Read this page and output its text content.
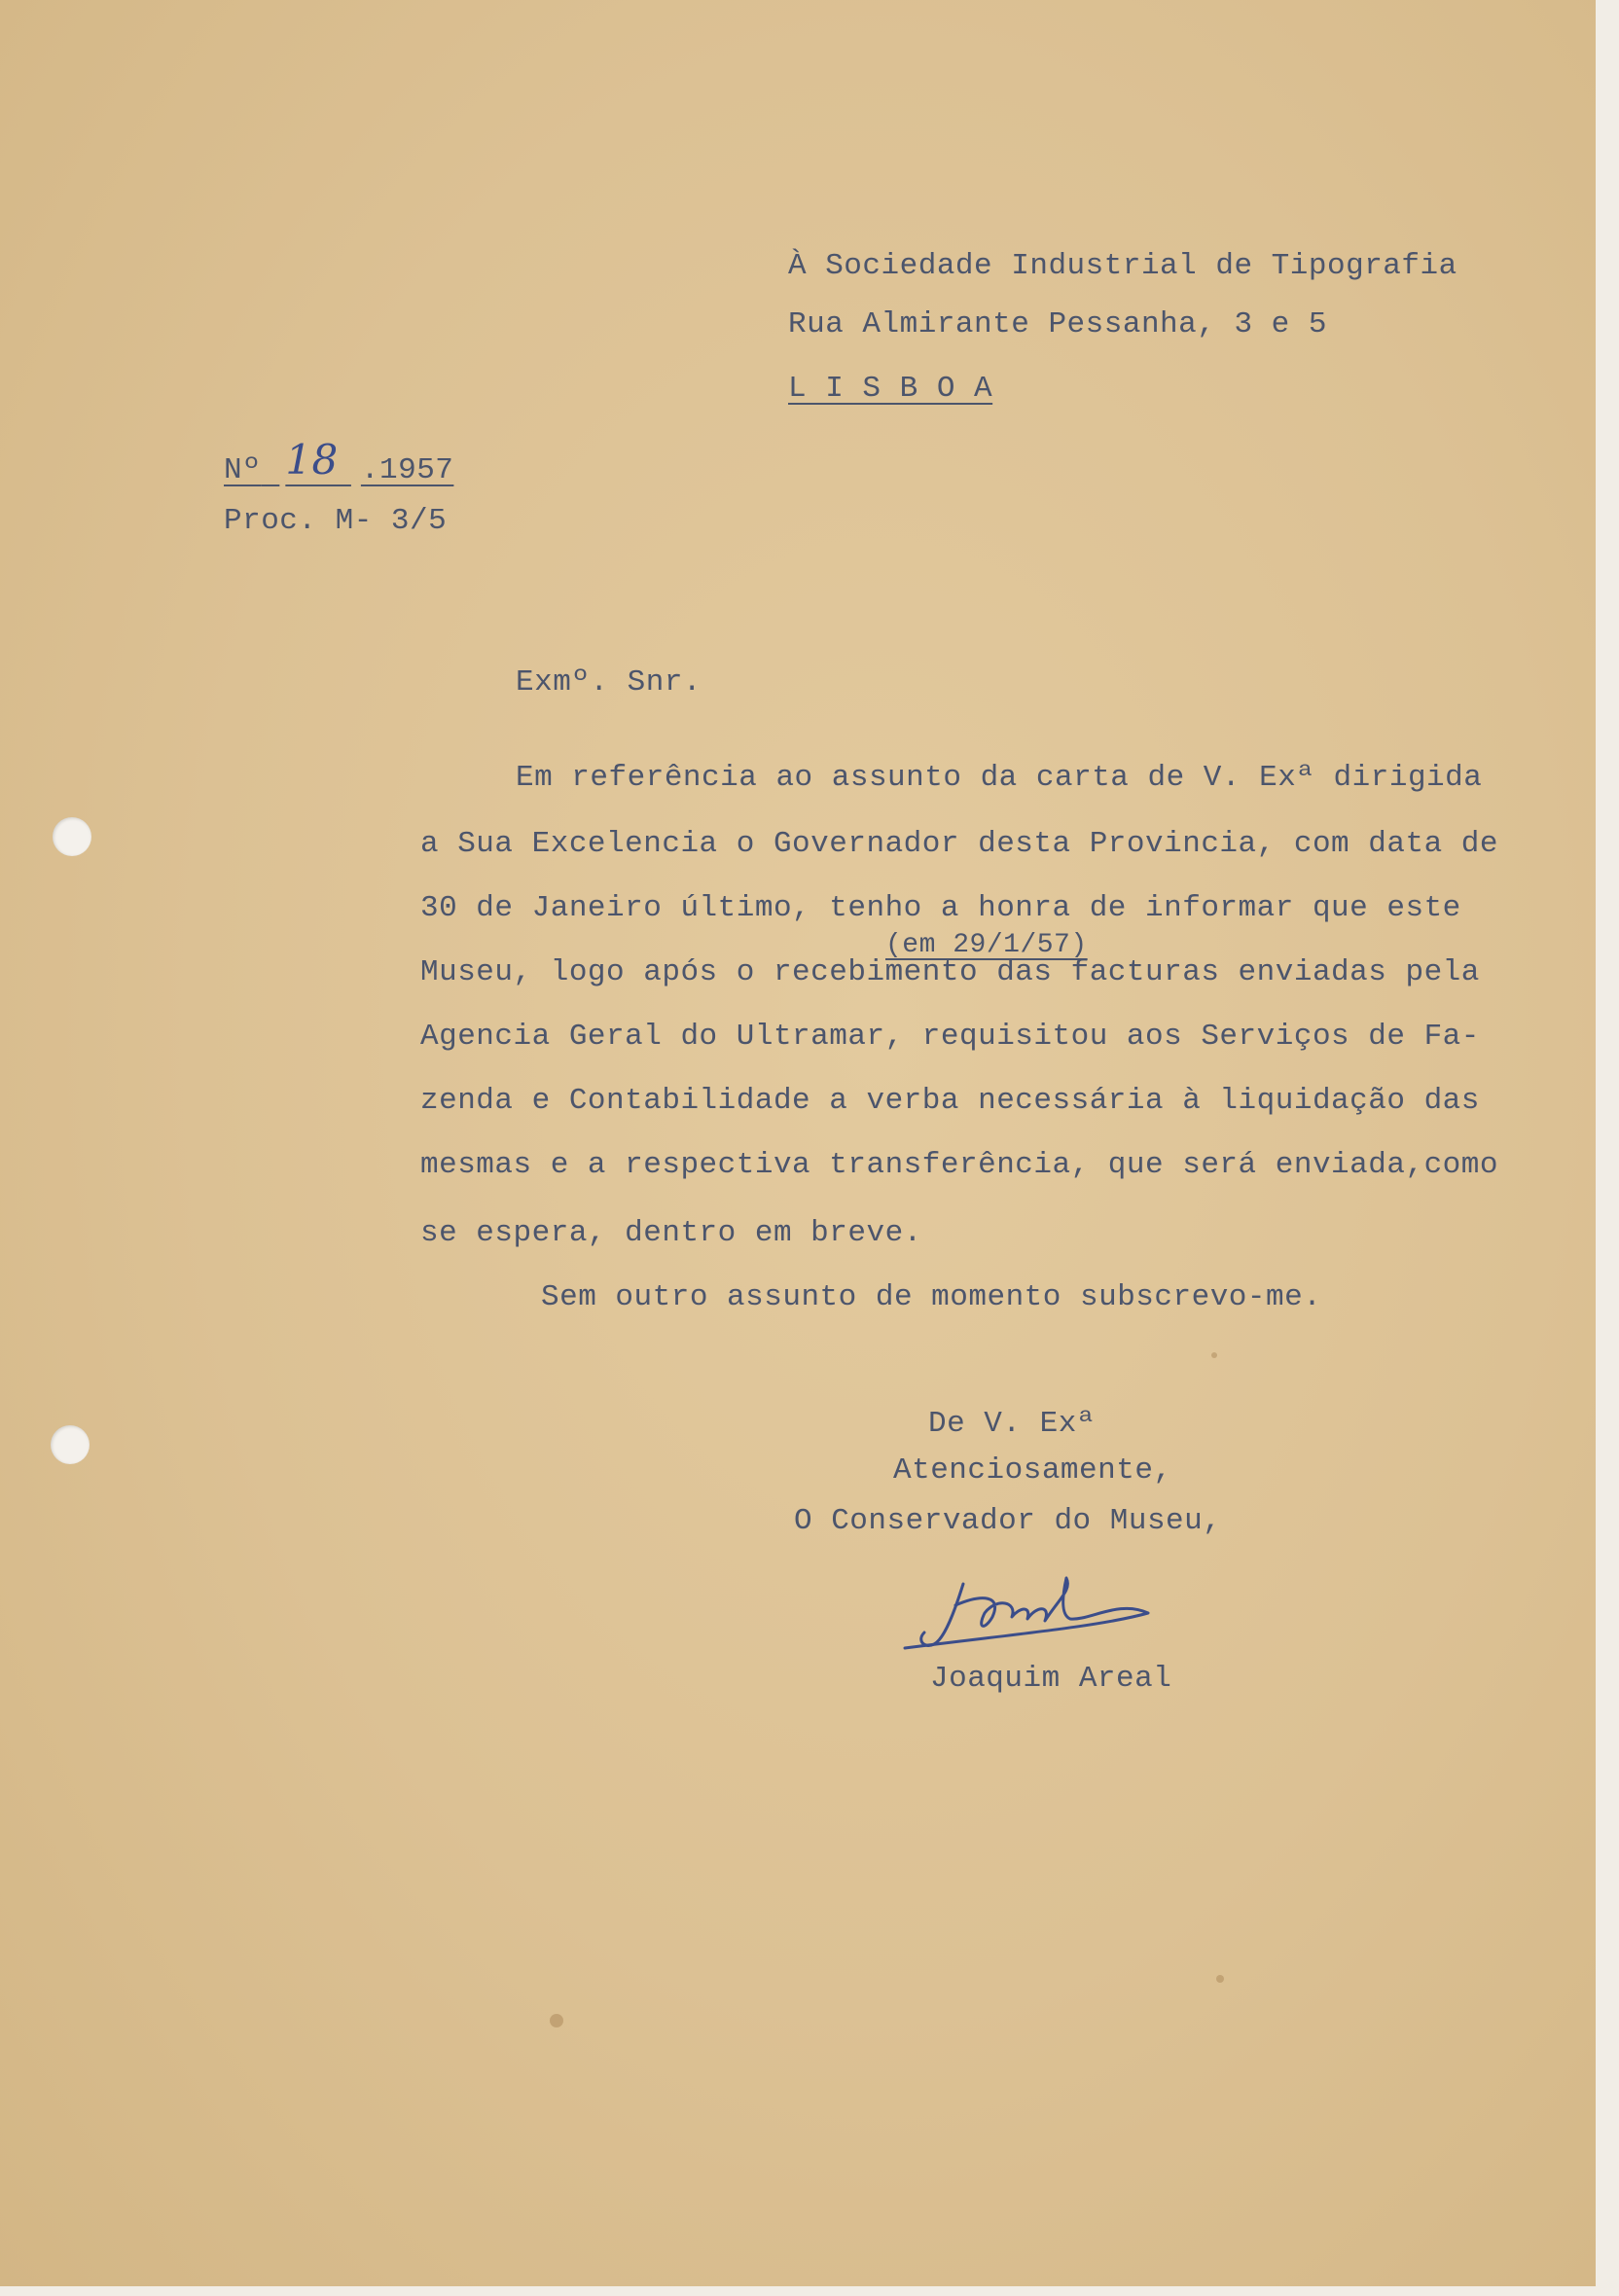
À Sociedade Industrial de Tipografia
Rua Almirante Pessanha, 3 e 5
L I S B O A
Nº 18 .1957
Proc. M- 3/5
Exmº. Snr.
Em referência ao assunto da carta de V. Exª dirigida
a Sua Excelencia o Governador desta Provincia, com data de
30 de Janeiro último, tenho a honra de informar que este
(em 29/1/57)
Museu, logo após o recebimento das facturas enviadas pela
Agencia Geral do Ultramar, requisitou aos Serviços de Fa-
zenda e Contabilidade a verba necessária à liquidação das
mesmas e a respectiva transferência, que será enviada,como
se espera, dentro em breve.
Sem outro assunto de momento subscrevo-me.
De V. Exª
Atenciosamente,
O Conservador do Museu,
JAreal
Joaquim Areal
